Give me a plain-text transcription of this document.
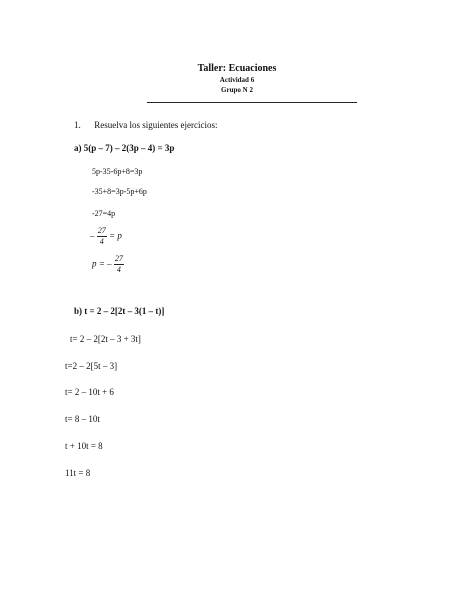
Taller: Ecuaciones
Actividad 6
Grupo N 2
1. Resuelva los siguientes ejercicios:
a) 5(p – 7) – 2(3p – 4) = 3p
5p-35-6p+8=3p
-35+8=3p-5p+6p
-27=4p
– $\frac{27}{4} = p$
p = – $\frac{27}{4}$
b) t = 2 – 2[2t – 3(1 – t)]
t= 2 – 2[2t – 3 + 3t]
t=2 – 2[5t – 3]
t= 2 – 10t + 6
t= 8 – 10t
t + 10t = 8
11t = 8
